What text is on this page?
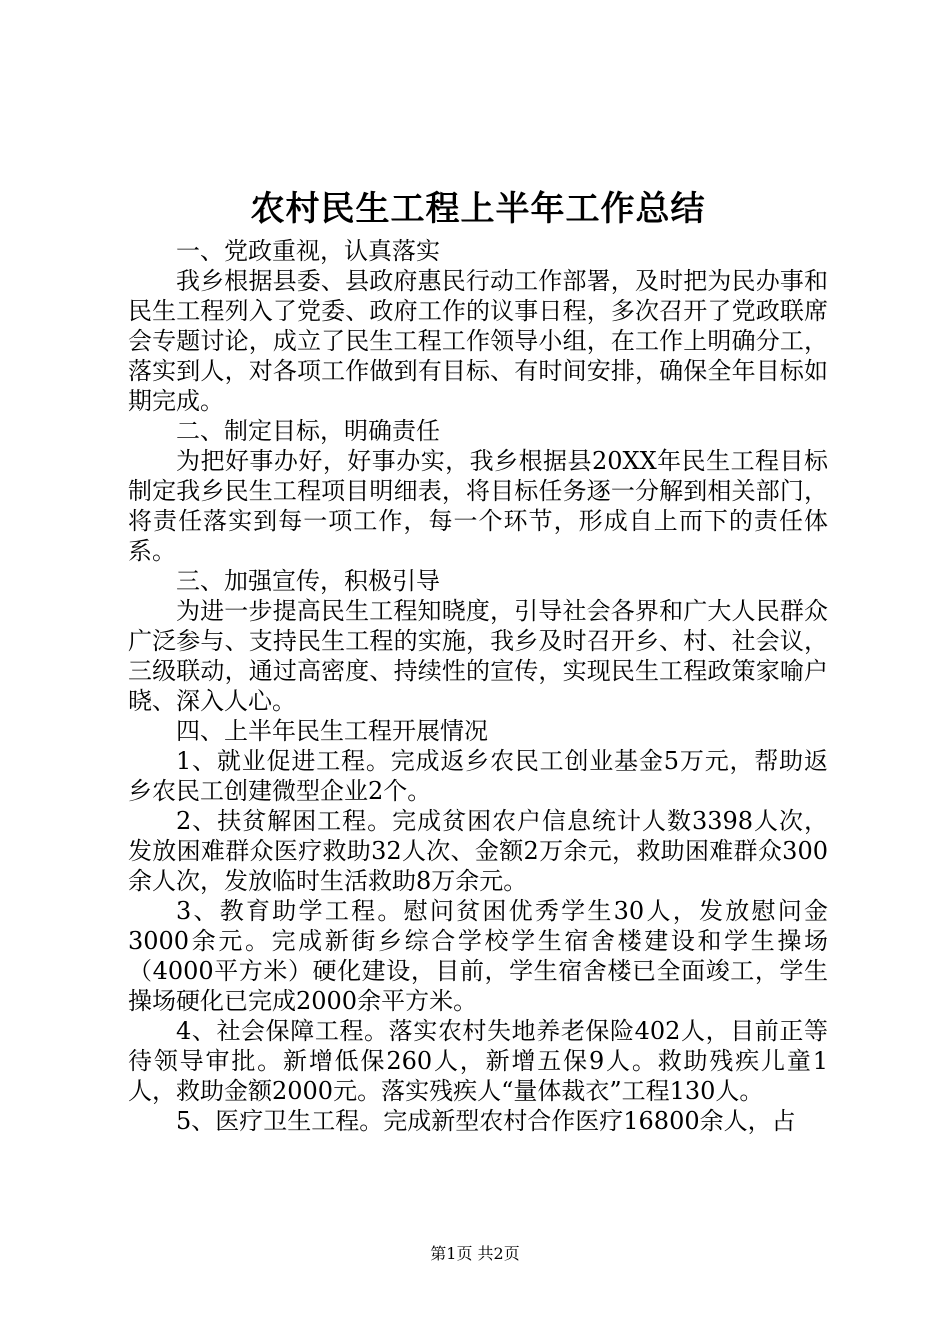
农村民生工程上半年工作总结
一、党政重视，认真落实
我乡根据县委、县政府惠民行动工作部署，及时把为民办事和民生工程列入了党委、政府工作的议事日程，多次召开了党政联席会专题讨论，成立了民生工程工作领导小组，在工作上明确分工，落实到人，对各项工作做到有目标、有时间安排，确保全年目标如期完成。
二、制定目标，明确责任
为把好事办好，好事办实，我乡根据县20XX年民生工程目标制定我乡民生工程项目明细表，将目标任务逐一分解到相关部门，将责任落实到每一项工作，每一个环节，形成自上而下的责任体系。
三、加强宣传，积极引导
为进一步提高民生工程知晓度，引导社会各界和广大人民群众广泛参与、支持民生工程的实施，我乡及时召开乡、村、社会议，三级联动，通过高密度、持续性的宣传，实现民生工程政策家喻户晓、深入人心。
四、上半年民生工程开展情况
1、就业促进工程。完成返乡农民工创业基金5万元，帮助返乡农民工创建微型企业2个。
2、扶贫解困工程。完成贫困农户信息统计人数3398人次，发放困难群众医疗救助32人次、金额2万余元，救助困难群众300余人次，发放临时生活救助8万余元。
3、教育助学工程。慰问贫困优秀学生30人，发放慰问金3000余元。完成新街乡综合学校学生宿舍楼建设和学生操场（4000平方米）硬化建设，目前，学生宿舍楼已全面竣工，学生操场硬化已完成2000余平方米。
4、社会保障工程。落实农村失地养老保险402人，目前正等待领导审批。新增低保260人，新增五保9人。救助残疾儿童1人，救助金额2000元。落实残疾人“量体裁衣”工程130人。
5、医疗卫生工程。完成新型农村合作医疗16800余人，占
第1页 共2页
